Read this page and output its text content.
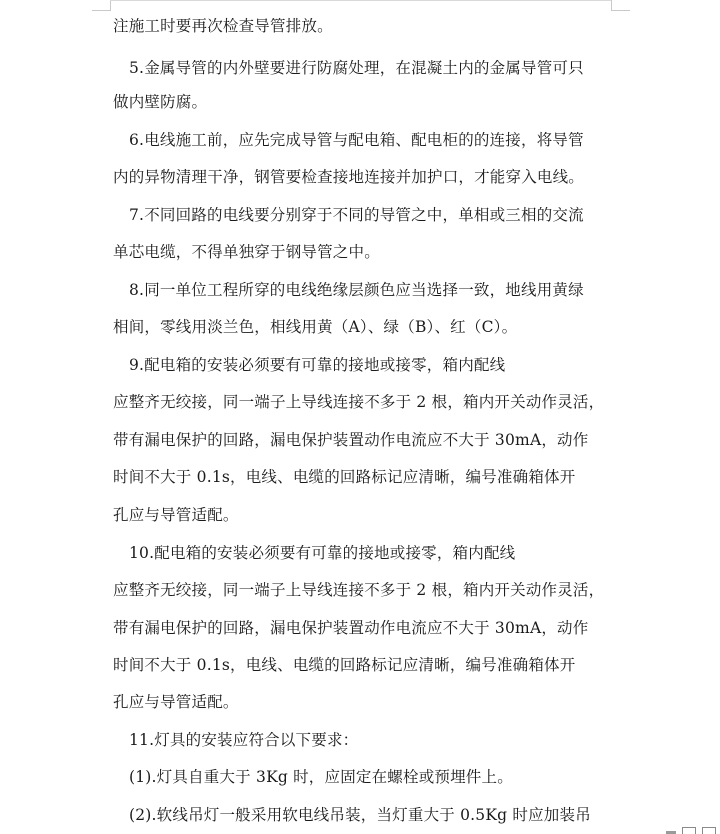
注施工时要再次检查导管排放。
5.金属导管的内外壁要进行防腐处理，在混凝土内的金属导管可只
做内壁防腐。
6.电线施工前，应先完成导管与配电箱、配电柜的的连接，将导管
内的异物清理干净，钢管要检查接地连接并加护口，才能穿入电线。
7.不同回路的电线要分别穿于不同的导管之中，单相或三相的交流
单芯电缆，不得单独穿于钢导管之中。
8.同一单位工程所穿的电线绝缘层颜色应当选择一致，地线用黄绿
相间，零线用淡兰色，相线用黄（A）、绿（B）、红（C）。
9.配电箱的安装必须要有可靠的接地或接零，箱内配线
应整齐无绞接，同一端子上导线连接不多于 2 根，箱内开关动作灵活，
带有漏电保护的回路，漏电保护装置动作电流应不大于 30mA，动作
时间不大于 0.1s，电线、电缆的回路标记应清晰，编号准确箱体开
孔应与导管适配。
10.配电箱的安装必须要有可靠的接地或接零，箱内配线
应整齐无绞接，同一端子上导线连接不多于 2 根，箱内开关动作灵活，
带有漏电保护的回路，漏电保护装置动作电流应不大于 30mA，动作
时间不大于 0.1s，电线、电缆的回路标记应清晰，编号准确箱体开
孔应与导管适配。
11.灯具的安装应符合以下要求：
(1).灯具自重大于 3Kg 时，应固定在螺栓或预埋件上。
(2).软线吊灯一般采用软电线吊装，当灯重大于 0.5Kg 时应加装吊
